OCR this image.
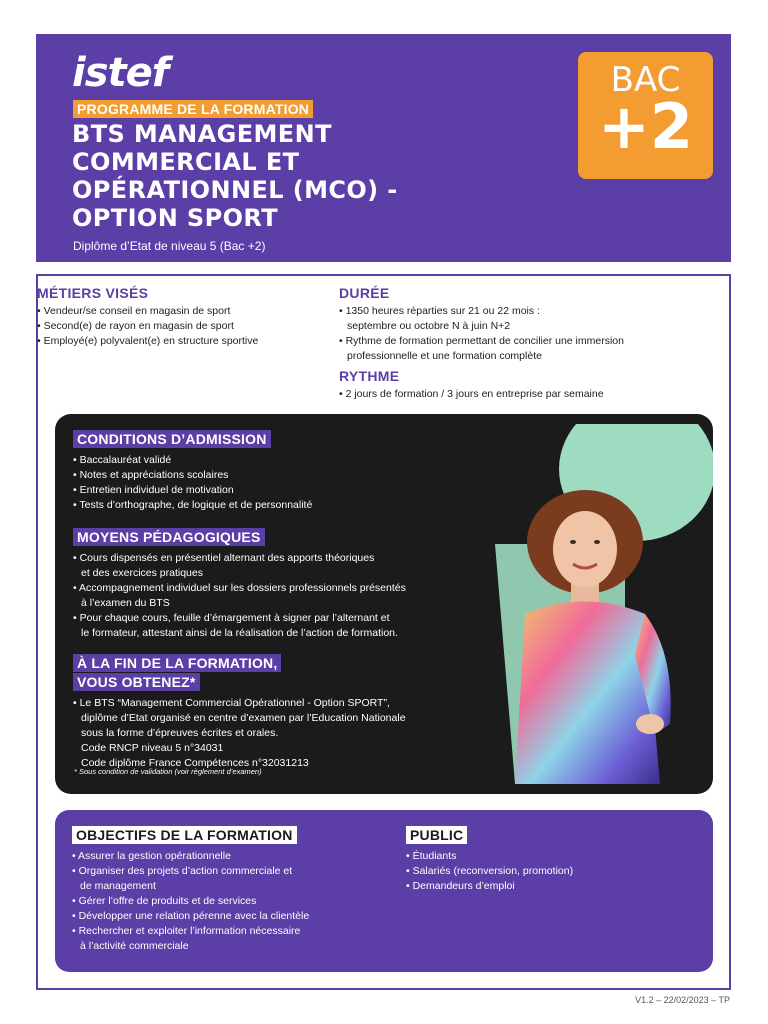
istef
PROGRAMME DE LA FORMATION
BTS MANAGEMENT COMMERCIAL ET OPÉRATIONNEL (MCO) - OPTION SPORT
Diplôme d’Etat de niveau 5 (Bac +2)
BAC
+2
MÉTIERS VISÉS
• Vendeur/se conseil en magasin de sport
• Second(e) de rayon en magasin de sport
• Employé(e) polyvalent(e) en structure sportive
DURÉE
• 1350 heures réparties sur 21 ou 22 mois :
septembre ou octobre N à juin N+2
• Rythme de formation permettant de concilier une immersion
professionnelle et une formation complète
RYTHME
• 2 jours de formation / 3 jours en entreprise par semaine
CONDITIONS D’ADMISSION
• Baccalauréat validé
• Notes et appréciations scolaires
• Entretien individuel de motivation
• Tests d’orthographe, de logique et de personnalité
MOYENS PÉDAGOGIQUES
• Cours dispensés en présentiel alternant des apports théoriques
et des exercices pratiques
• Accompagnement individuel sur les dossiers professionnels présentés
à l’examen du BTS
• Pour chaque cours, feuille d’émargement à signer par l’alternant et
le formateur, attestant ainsi de la réalisation de l’action de formation.
À LA FIN DE LA FORMATION,
VOUS OBTENEZ*
• Le BTS “Management Commercial Opérationnel - Option SPORT”,
diplôme d’Etat organisé en centre d’examen par l’Education Nationale
sous la forme d’épreuves écrites et orales.
Code RNCP niveau 5 n°34031
Code diplôme France Compétences n°32031213
* Sous condition de validation (voir règlement d’examen)
OBJECTIFS DE LA FORMATION
• Assurer la gestion opérationnelle
• Organiser des projets d’action commerciale et
de management
• Gérer l’offre de produits et de services
• Développer une relation pérenne avec la clientèle
• Rechercher et exploiter l’information nécessaire
à l’activité commerciale
PUBLIC
• Étudiants
• Salariés (reconversion, promotion)
• Demandeurs d’emploi
V1.2 – 22/02/2023 – TP
